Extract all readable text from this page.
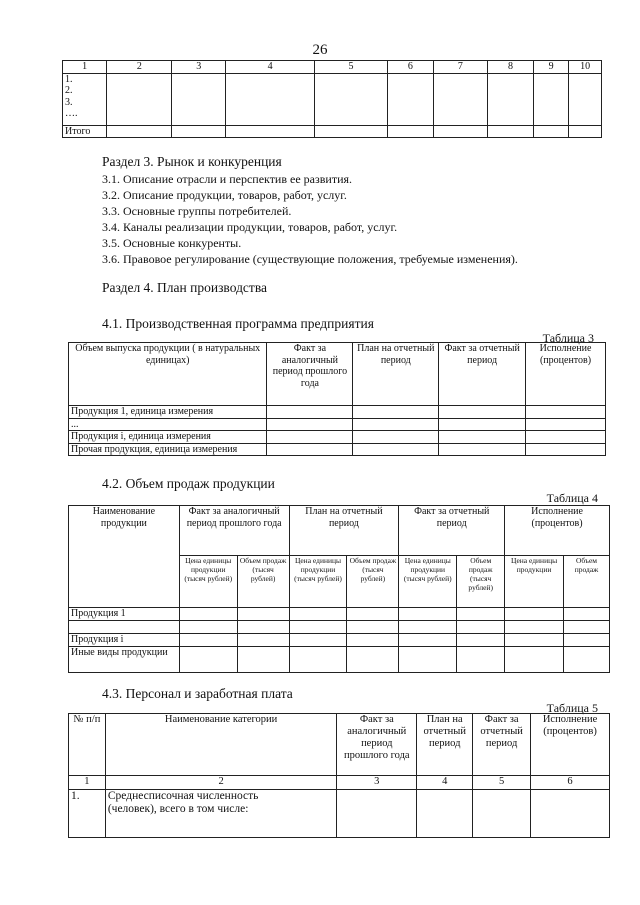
26
1	2	3	4	5	6	7	8	9	10

1.
2.
3.
….									

Итого									
Раздел 3. Рынок и конкуренция
3.1. Описание отрасли и перспектив ее развития.
3.2. Описание продукции, товаров, работ, услуг.
3.3. Основные группы потребителей.
3.4. Каналы реализации продукции, товаров, работ, услуг.
3.5. Основные конкуренты.
3.6. Правовое регулирование (существующие положения, требуемые изменения).
Раздел 4. План производства
4.1. Производственная программа предприятия
Таблица 3
Объем выпуска продукции ( в натуральных единицах)	Факт за аналогичный период прошлого года	План на отчетный период	Факт за отчетный период	Исполнение (процентов)
Продукция 1, единица измерения				
...				
Продукция i, единица измерения				
Прочая продукция, единица измерения				
4.2. Объем продаж продукции
Таблица 4
Наименование продукции	Факт за аналогичный период прошлого года		План на отчетный период		Факт за отчетный период		Исполнение (процентов)	
	Цена единицы продукции (тысяч рублей)	Объем продаж (тысяч рублей)	Цена единицы продукции (тысяч рублей)	Объем продаж (тысяч рублей)	Цена единицы продукции (тысяч рублей)	Объем продаж (тысяч рублей)	Цена единицы продукции	Объем продаж
Продукция 1								

Продукция i								
Иные виды продукции								
4.3. Персонал и заработная плата
Таблица 5
№ п/п	Наименование категории	Факт за аналогичный период прошлого года	План на отчетный период	Факт за отчетный период	Исполнение (процентов)
1	2	3	4	5	6
1.	Среднесписочная численность (человек), всего в том числе:				
